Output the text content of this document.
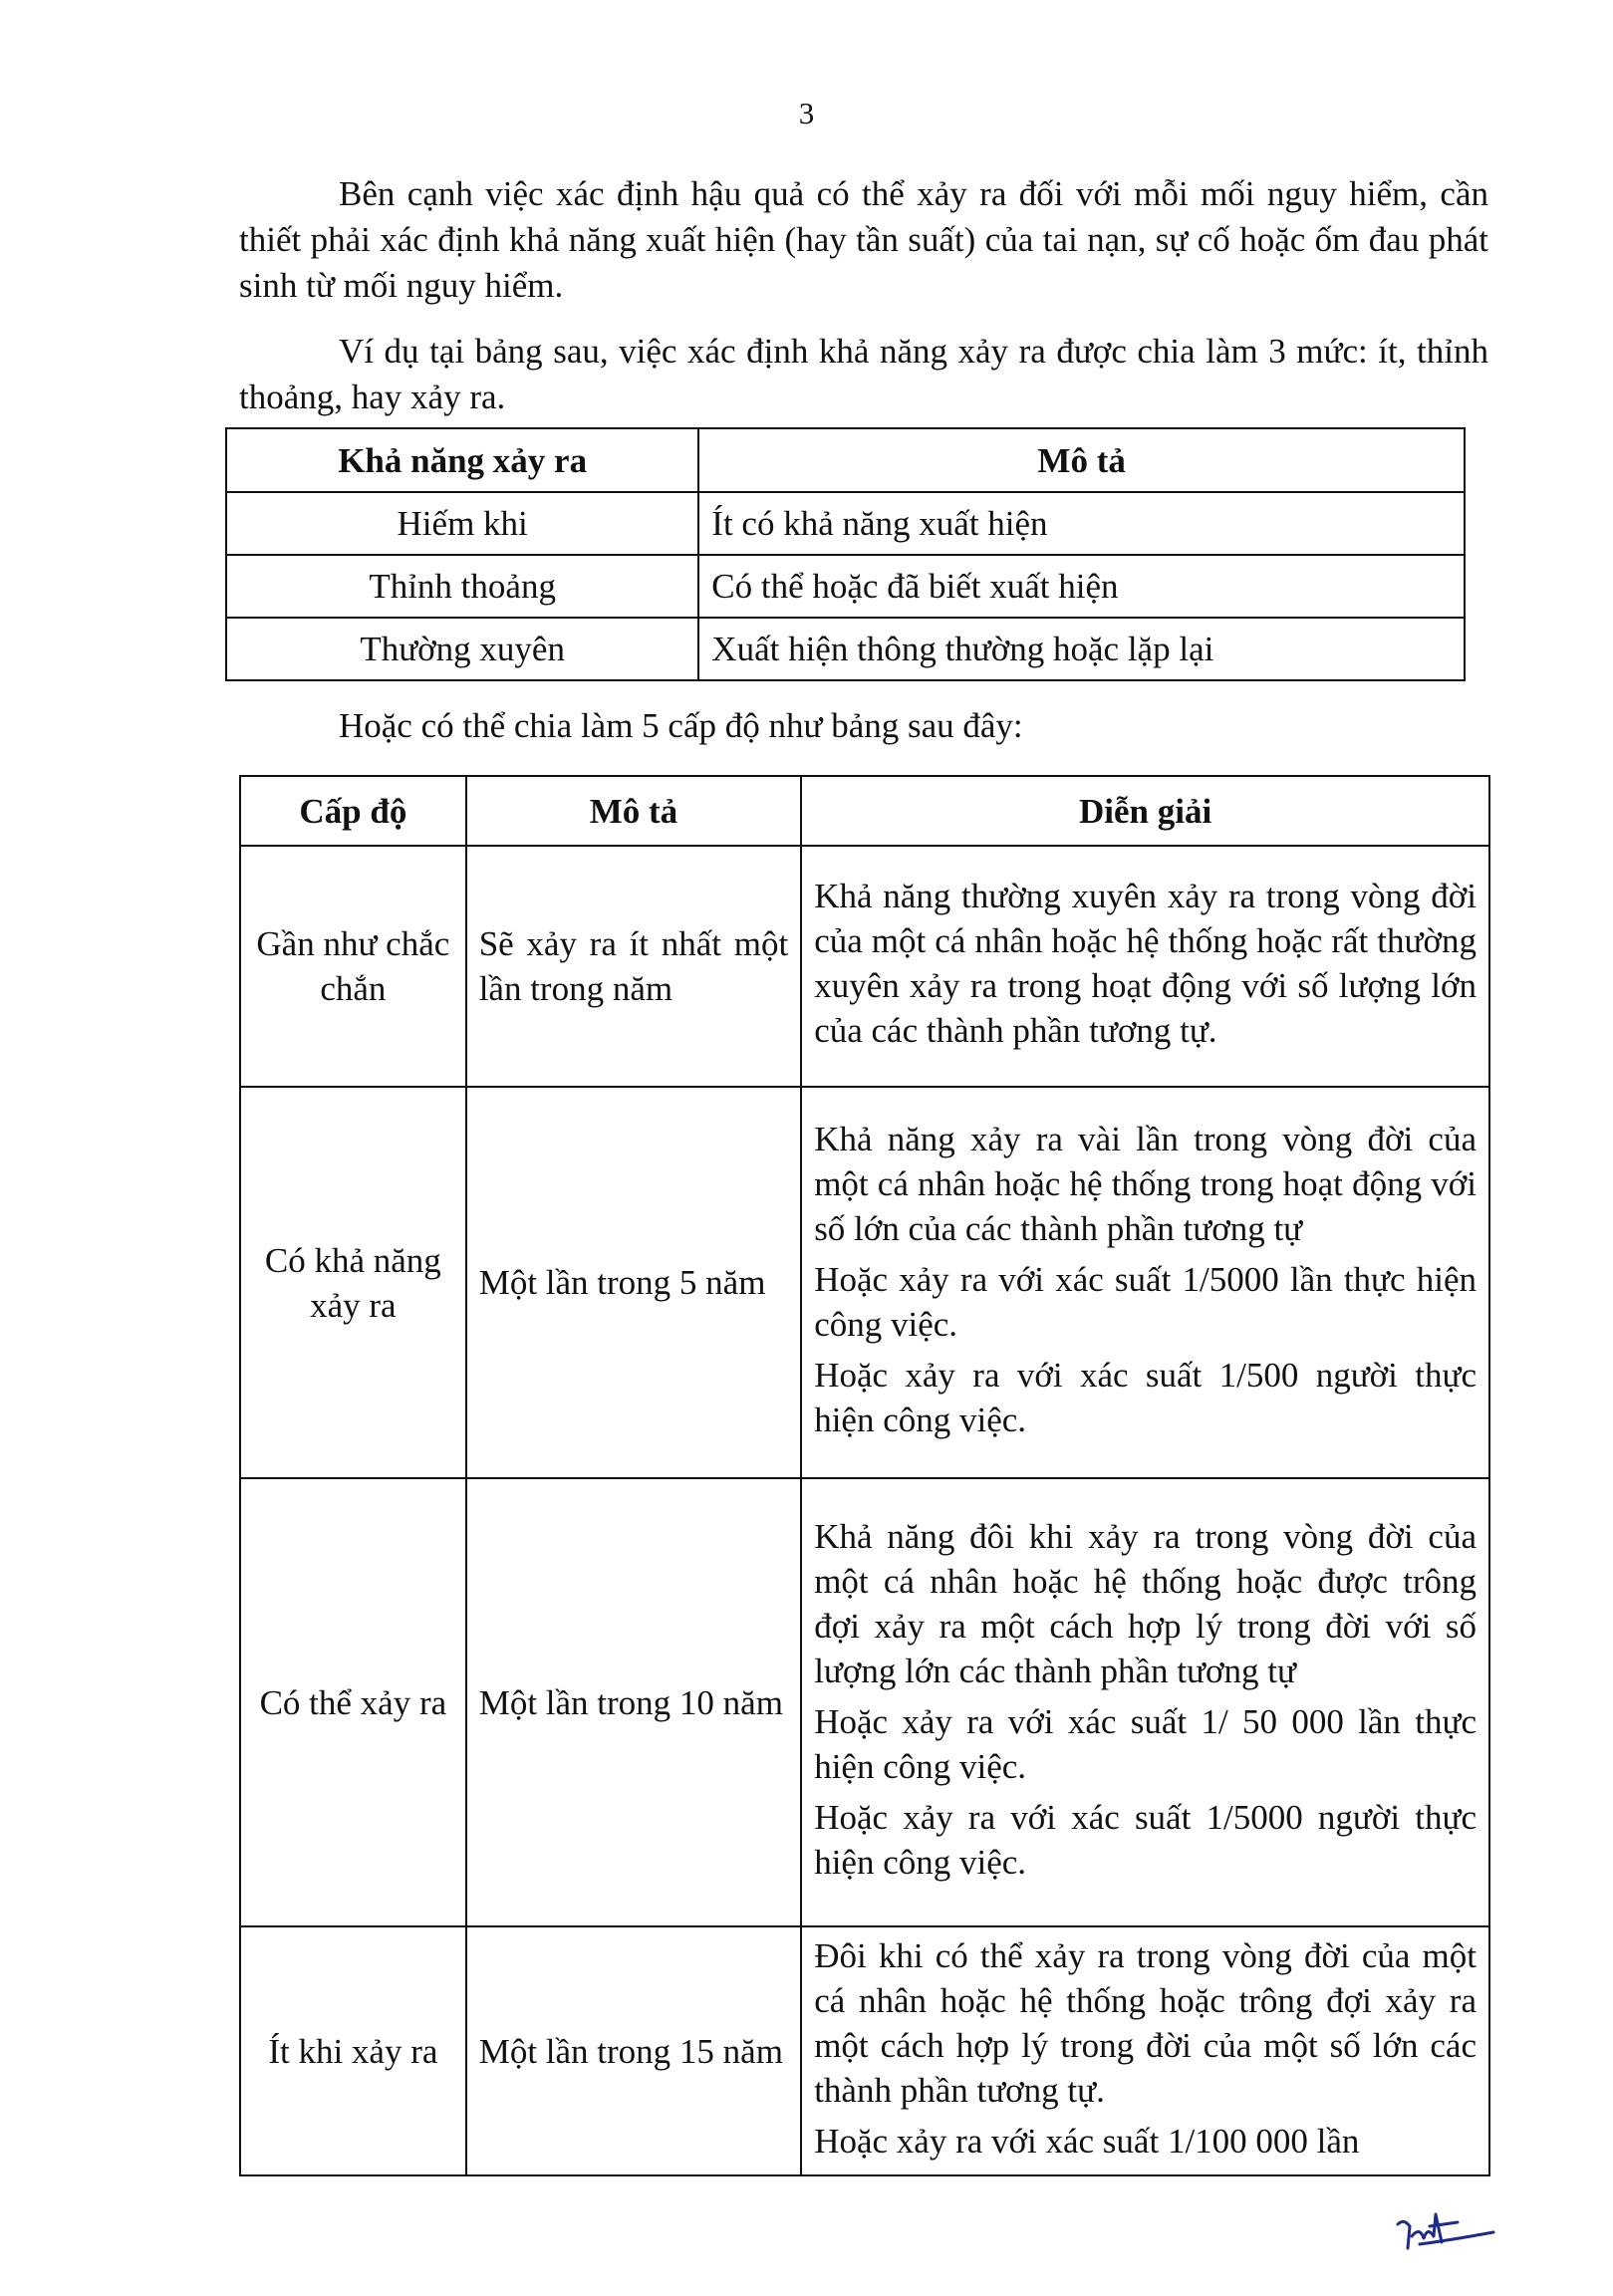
3

Bên cạnh việc xác định hậu quả có thể xảy ra đối với mỗi mối nguy hiểm, cần thiết phải xác định khả năng xuất hiện (hay tần suất) của tai nạn, sự cố hoặc ốm đau phát sinh từ mối nguy hiểm.

Ví dụ tại bảng sau, việc xác định khả năng xảy ra được chia làm 3 mức: ít, thỉnh thoảng, hay xảy ra.

Khả năng xảy ra	Mô tả
Hiếm khi	Ít có khả năng xuất hiện
Thỉnh thoảng	Có thể hoặc đã biết xuất hiện
Thường xuyên	Xuất hiện thông thường hoặc lặp lại

Hoặc có thể chia làm 5 cấp độ như bảng sau đây:

Cấp độ	Mô tả	Diễn giải
Gần như chắc chắn	Sẽ xảy ra ít nhất một lần trong năm	Khả năng thường xuyên xảy ra trong vòng đời của một cá nhân hoặc hệ thống hoặc rất thường xuyên xảy ra trong hoạt động với số lượng lớn của các thành phần tương tự.

Có khả năng xảy ra	Một lần trong 5 năm	Khả năng xảy ra vài lần trong vòng đời của một cá nhân hoặc hệ thống trong hoạt động với số lớn của các thành phần tương tự
Hoặc xảy ra với xác suất 1/5000 lần thực hiện công việc.
Hoặc xảy ra với xác suất 1/500 người thực hiện công việc.

Có thể xảy ra	Một lần trong 10 năm	Khả năng đôi khi xảy ra trong vòng đời của một cá nhân hoặc hệ thống hoặc được trông đợi xảy ra một cách hợp lý trong đời với số lượng lớn các thành phần tương tự
Hoặc xảy ra với xác suất 1/ 50 000 lần thực hiện công việc.
Hoặc xảy ra với xác suất 1/5000 người thực hiện công việc.

Ít khi xảy ra	Một lần trong 15 năm	Đôi khi có thể xảy ra trong vòng đời của một cá nhân hoặc hệ thống hoặc trông đợi xảy ra một cách hợp lý trong đời của một số lớn các thành phần tương tự.
Hoặc xảy ra với xác suất 1/100 000 lần
